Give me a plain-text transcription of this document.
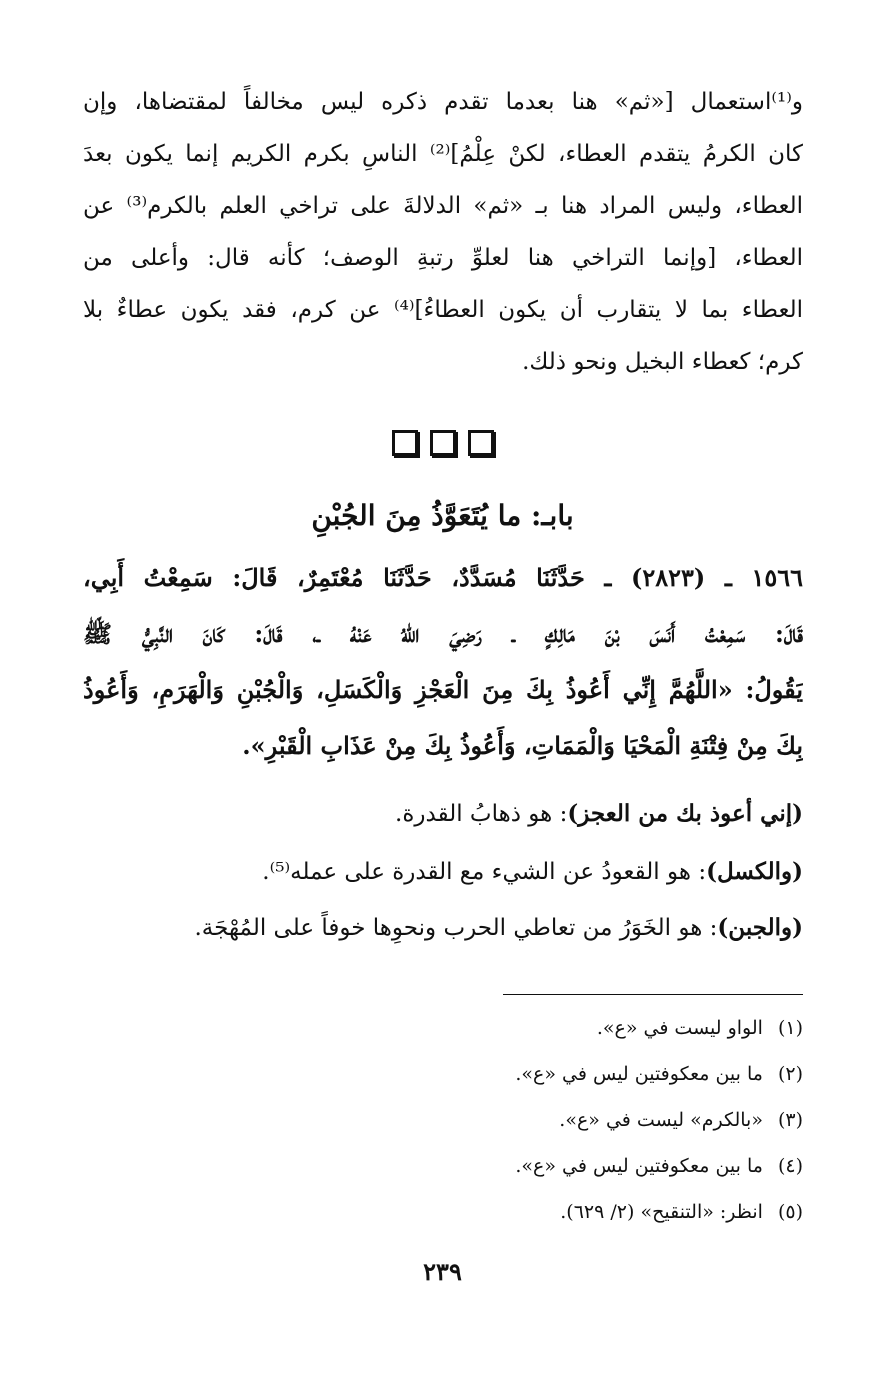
و⁽¹⁾استعمال [«ثم» هنا بعدما تقدم ذكره ليس مخالفاً لمقتضاها، وإن
كان الكرمُ يتقدم العطاء، لكنْ عِلْمُ]⁽²⁾ الناسِ بكرم الكريم إنما يكون بعدَ
العطاء، وليس المراد هنا بـ «ثم» الدلالةَ على تراخي العلم بالكرم⁽³⁾ عن
العطاء، [وإنما التراخي هنا لعلوِّ رتبةِ الوصف؛ كأنه قال: وأعلى من
العطاء بما لا يتقارب أن يكون العطاءُ]⁽⁴⁾ عن كرم، فقد يكون عطاءٌ بلا
كرم؛ كعطاء البخيل ونحو ذلك.
بابـ: ما يُتَعَوَّذُ مِنَ الجُبْنِ
١٥٦٦ ـ (٢٨٢٣) ـ حَدَّثَنَا مُسَدَّدٌ، حَدَّثَنَا مُعْتَمِرٌ، قَالَ: سَمِعْتُ أَبِي،
قَالَ: سَمِعْتُ أَنَسَ بْنَ مَالِكٍ ـ رَضِيَ اللهُ عَنْهُ ـ، قَالَ: كَانَ النَّبِيُّ ﷺ
يَقُولُ: «اللَّهُمَّ إِنِّي أَعُوذُ بِكَ مِنَ الْعَجْزِ وَالْكَسَلِ، وَالْجُبْنِ وَالْهَرَمِ، وَأَعُوذُ
بِكَ مِنْ فِتْنَةِ الْمَحْيَا وَالْمَمَاتِ، وَأَعُوذُ بِكَ مِنْ عَذَابِ الْقَبْرِ».
(إني أعوذ بك من العجز): هو ذهابُ القدرة.
(والكسل): هو القعودُ عن الشيء مع القدرة على عمله⁽⁵⁾.
(والجبن): هو الخَوَرُ من تعاطي الحرب ونحوِها خوفاً على المُهْجَة.
(١) الواو ليست في «ع».
(٢) ما بين معكوفتين ليس في «ع».
(٣) «بالكرم» ليست في «ع».
(٤) ما بين معكوفتين ليس في «ع».
(٥) انظر: «التنقيح» (٢/ ٦٢٩).
٢٣٩
